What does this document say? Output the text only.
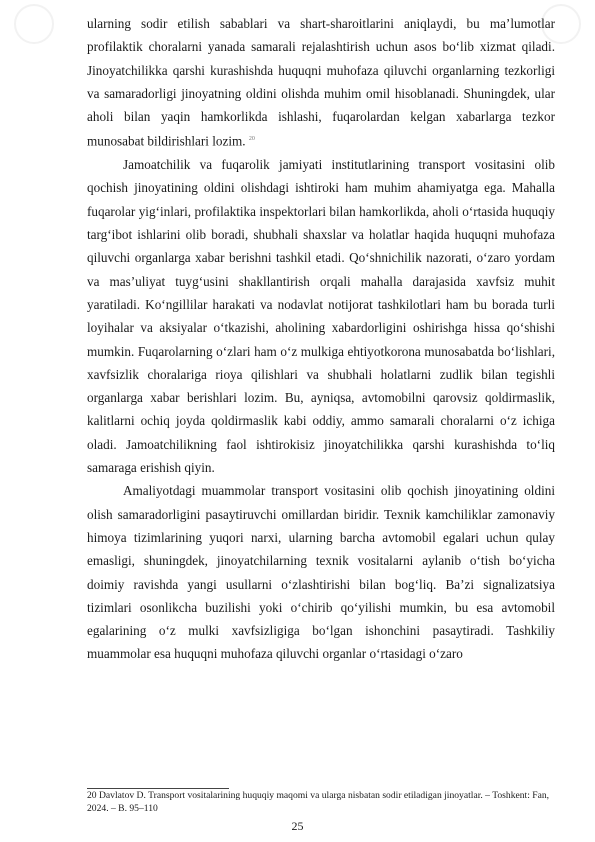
ularning sodir etilish sabablari va shart-sharoitlarini aniqlaydi, bu ma’lumotlar profilaktik choralarni yanada samarali rejalashtirish uchun asos bo‘lib xizmat qiladi. Jinoyatchilikka qarshi kurashishda huquqni muhofaza qiluvchi organlarning tezkorligi va samaradorligi jinoyatning oldini olishda muhim omil hisoblanadi. Shuningdek, ular aholi bilan yaqin hamkorlikda ishlashi, fuqarolardan kelgan xabarlarga tezkor munosabat bildirishlari lozim. $^{20}$

Jamoatchilik va fuqarolik jamiyati institutlarining transport vositasini olib qochish jinoyatining oldini olishdagi ishtiroki ham muhim ahamiyatga ega. Mahalla fuqarolar yig‘inlari, profilaktika inspektorlari bilan hamkorlikda, aholi o‘rtasida huquqiy targ‘ibot ishlarini olib boradi, shubhali shaxslar va holatlar haqida huquqni muhofaza qiluvchi organlarga xabar berishni tashkil etadi. Qo‘shnichilik nazorati, o‘zaro yordam va mas’uliyat tuyg‘usini shakllantirish orqali mahalla darajasida xavfsiz muhit yaratiladi. Ko‘ngillilar harakati va nodavlat notijorat tashkilotlari ham bu borada turli loyihalar va aksiyalar o‘tkazishi, aholining xabardorligini oshirishga hissa qo‘shishi mumkin. Fuqarolarning o‘zlari ham o‘z mulkiga ehtiyotkorona munosabatda bo‘lishlari, xavfsizlik choralariga rioya qilishlari va shubhali holatlarni zudlik bilan tegishli organlarga xabar berishlari lozim. Bu, ayniqsa, avtomobilni qarovsiz qoldirmaslik, kalitlarni ochiq joyda qoldirmaslik kabi oddiy, ammo samarali choralarni o‘z ichiga oladi. Jamoatchilikning faol ishtirokisiz jinoyatchilikka qarshi kurashishda to‘liq samaraga erishish qiyin.

Amaliyotdagi muammolar transport vositasini olib qochish jinoyatining oldini olish samaradorligini pasaytiruvchi omillardan biridir. Texnik kamchiliklar zamonaviy himoya tizimlarining yuqori narxi, ularning barcha avtomobil egalari uchun qulay emasligi, shuningdek, jinoyatchilarning texnik vositalarni aylanib o‘tish bo‘yicha doimiy ravishda yangi usullarni o‘zlashtirishi bilan bog‘liq. Ba’zi signalizatsiya tizimlari osonlikcha buzilishi yoki o‘chirib qo‘yilishi mumkin, bu esa avtomobil egalarining o‘z mulki xavfsizligiga bo‘lgan ishonchini pasaytiradi. Tashkiliy muammolar esa huquqni muhofaza qiluvchi organlar o‘rtasidagi o‘zaro

20 Davlatov D. Transport vositalarining huquqiy maqomi va ularga nisbatan sodir etiladigan jinoyatlar. – Toshkent: Fan, 2024. – B. 95–110

25
